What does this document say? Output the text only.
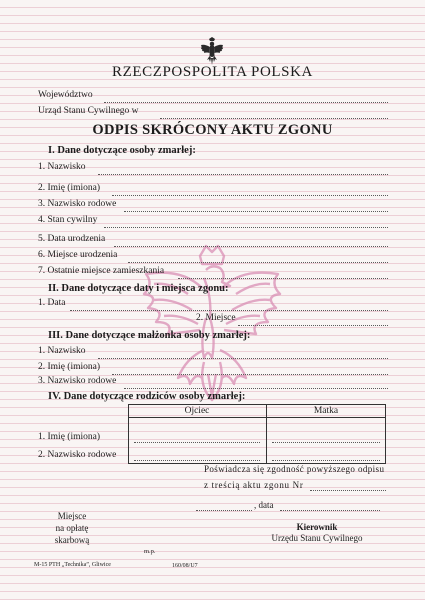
RZECZPOSPOLITA POLSKA
Województwo
Urząd Stanu Cywilnego w
ODPIS SKRÓCONY AKTU ZGONU
I. Dane dotyczące osoby zmarłej:
1. Nazwisko
2. Imię (imiona)
3. Nazwisko rodowe
4. Stan cywilny
5. Data urodzenia
6. Miejsce urodzenia
7. Ostatnie miejsce zamieszkania
II. Dane dotyczące daty i miejsca zgonu:
1. Data
2. Miejsce
III. Dane dotyczące małżonka osoby zmarłej:
1. Nazwisko
2. Imię (imiona)
3. Nazwisko rodowe
IV. Dane dotyczące rodziców osoby zmarłej:
Ojciec	Matka
1. Imię (imiona)
2. Nazwisko rodowe
Poświadcza się zgodność powyższego odpisu
z treścią aktu zgonu Nr
, data
Miejsce
na opłatę
skarbową
Kierownik
Urzędu Stanu Cywilnego
m.p.
M-15 PTH „Technika”, Gliwice	160/08/U7
